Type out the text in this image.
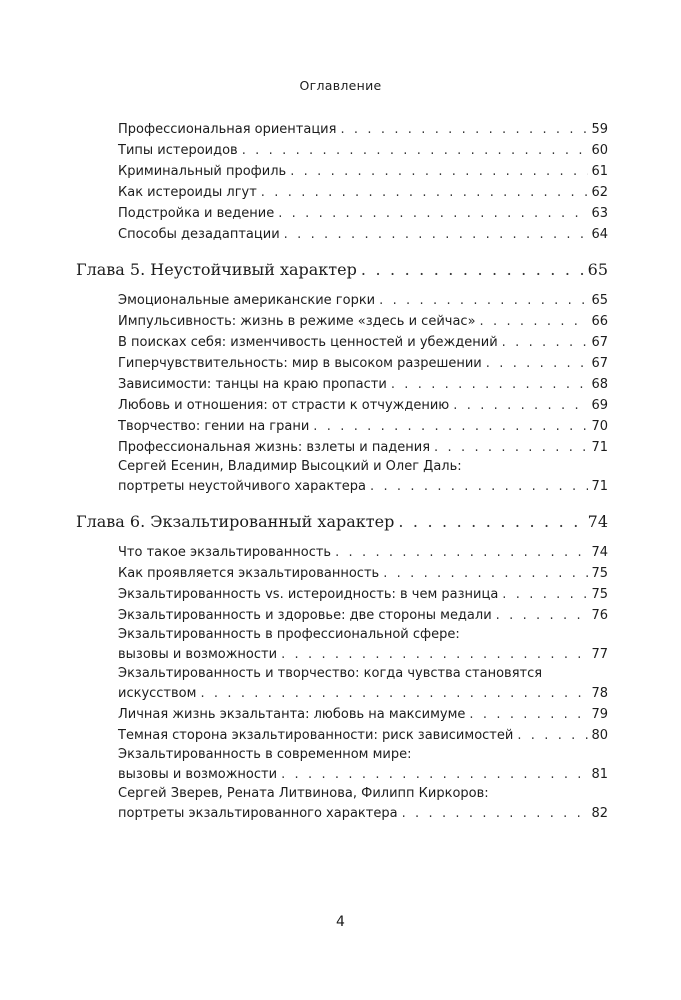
Оглавление
Профессиональная ориентация . . .	59
Типы истероидов . . .	60
Криминальный профиль . . .	61
Как истероиды лгут . . .	62
Подстройка и ведение . . .	63
Способы дезадаптации . . .	64
Глава 5. Неустойчивый характер . . .	65
Эмоциональные американские горки . . .	65
Импульсивность: жизнь в режиме «здесь и сейчас» . . .	66
В поисках себя: изменчивость ценностей и убеждений . . .	67
Гиперчувствительность: мир в высоком разрешении . . .	67
Зависимости: танцы на краю пропасти . . .	68
Любовь и отношения: от страсти к отчуждению . . .	69
Творчество: гении на грани . . .	70
Профессиональная жизнь: взлеты и падения . . .	71
Сергей Есенин, Владимир Высоцкий и Олег Даль:
портреты неустойчивого характера . . .	71
Глава 6. Экзальтированный характер . . .	74
Что такое экзальтированность . . .	74
Как проявляется экзальтированность . . .	75
Экзальтированность vs. истероидность: в чем разница . . .	75
Экзальтированность и здоровье: две стороны медали . . .	76
Экзальтированность в профессиональной сфере:
вызовы и возможности . . .	77
Экзальтированность и творчество: когда чувства становятся
искусством . . .	78
Личная жизнь экзальтанта: любовь на максимуме . . .	79
Темная сторона экзальтированности: риск зависимостей . . .	80
Экзальтированность в современном мире:
вызовы и возможности . . .	81
Сергей Зверев, Рената Литвинова, Филипп Киркоров:
портреты экзальтированного характера . . .	82
4
